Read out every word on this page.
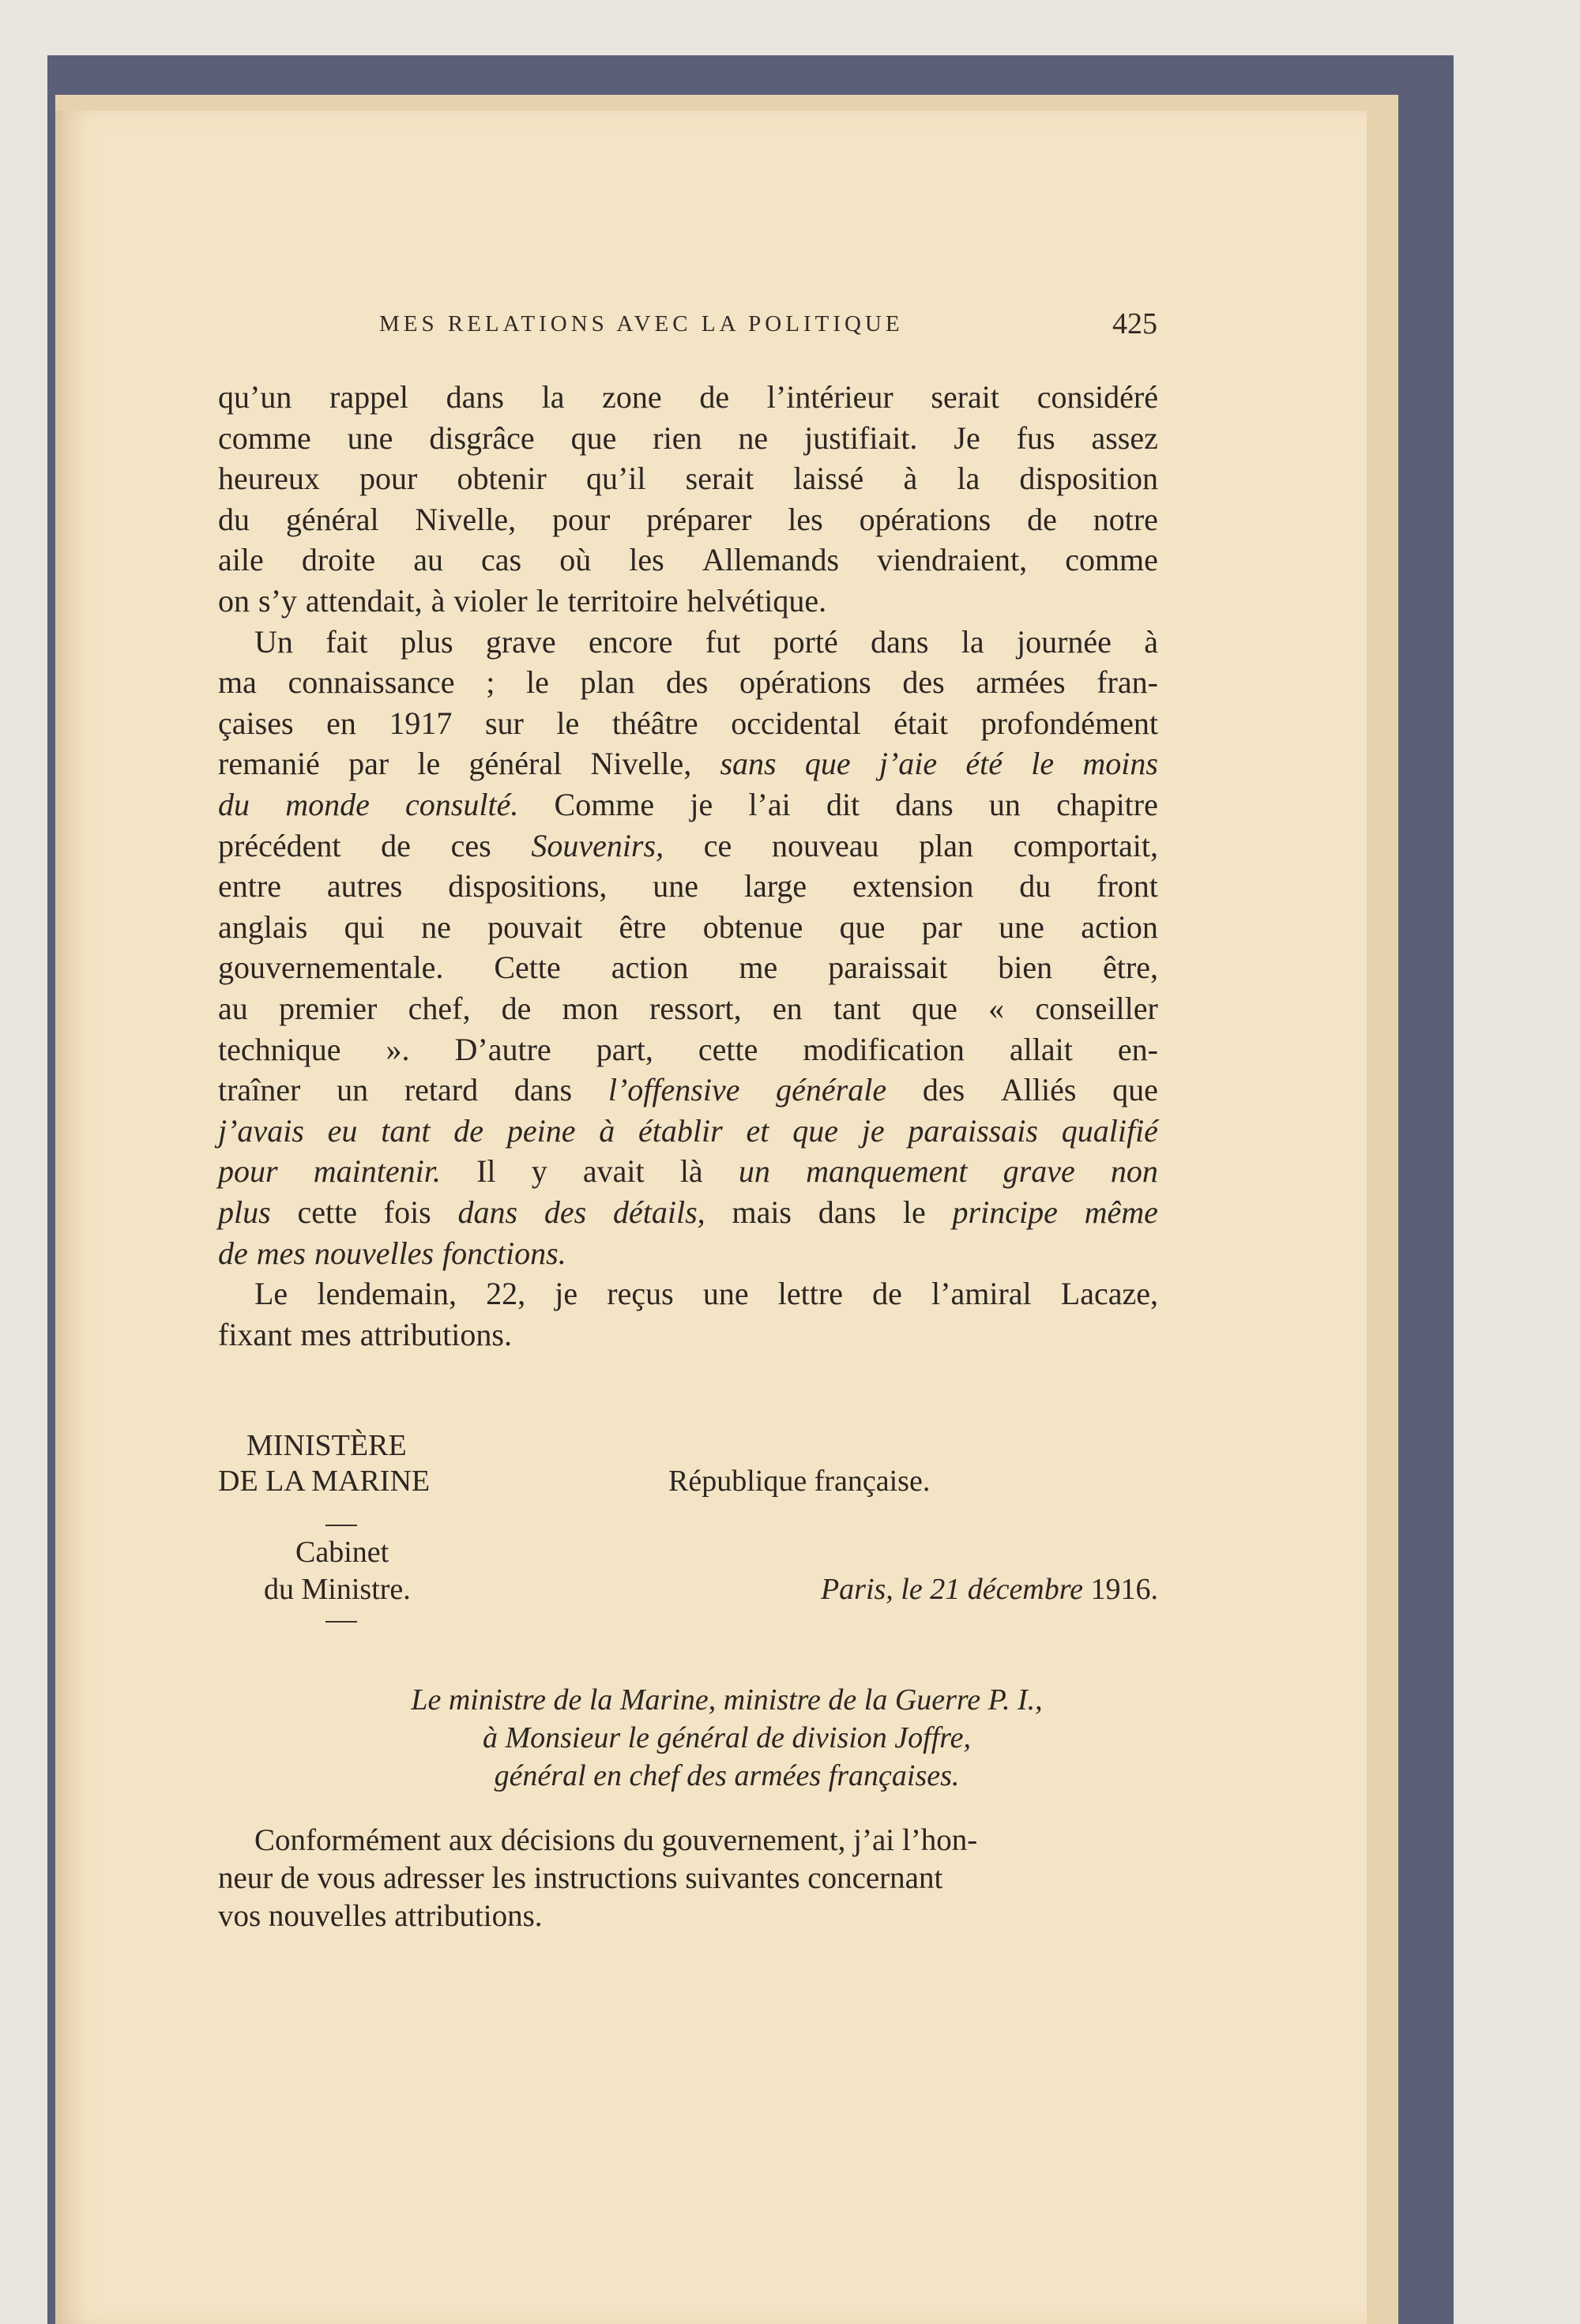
MES RELATIONS AVEC LA POLITIQUE	425
qu’un rappel dans la zone de l’intérieur serait considéré
comme une disgrâce que rien ne justifiait. Je fus assez
heureux pour obtenir qu’il serait laissé à la disposition
du général Nivelle, pour préparer les opérations de notre
aile droite au cas où les Allemands viendraient, comme
on s’y attendait, à violer le territoire helvétique.
Un fait plus grave encore fut porté dans la journée à
ma connaissance ; le plan des opérations des armées fran-
çaises en 1917 sur le théâtre occidental était profondément
remanié par le général Nivelle, sans que j’aie été le moins
du monde consulté. Comme je l’ai dit dans un chapitre
précédent de ces Souvenirs, ce nouveau plan comportait,
entre autres dispositions, une large extension du front
anglais qui ne pouvait être obtenue que par une action
gouvernementale. Cette action me paraissait bien être,
au premier chef, de mon ressort, en tant que « conseiller
technique ». D’autre part, cette modification allait en-
traîner un retard dans l’offensive générale des Alliés que
j’avais eu tant de peine à établir et que je paraissais qualifié
pour maintenir. Il y avait là un manquement grave non
plus cette fois dans des détails, mais dans le principe même
de mes nouvelles fonctions.
Le lendemain, 22, je reçus une lettre de l’amiral Lacaze,
fixant mes attributions.
MINISTÈRE
DE LA MARINE	République française.
Cabinet
du Ministre.	Paris, le 21 décembre 1916.
Le ministre de la Marine, ministre de la Guerre P. I.,
à Monsieur le général de division Joffre,
général en chef des armées françaises.
Conformément aux décisions du gouvernement, j’ai l’hon-
neur de vous adresser les instructions suivantes concernant
vos nouvelles attributions.
